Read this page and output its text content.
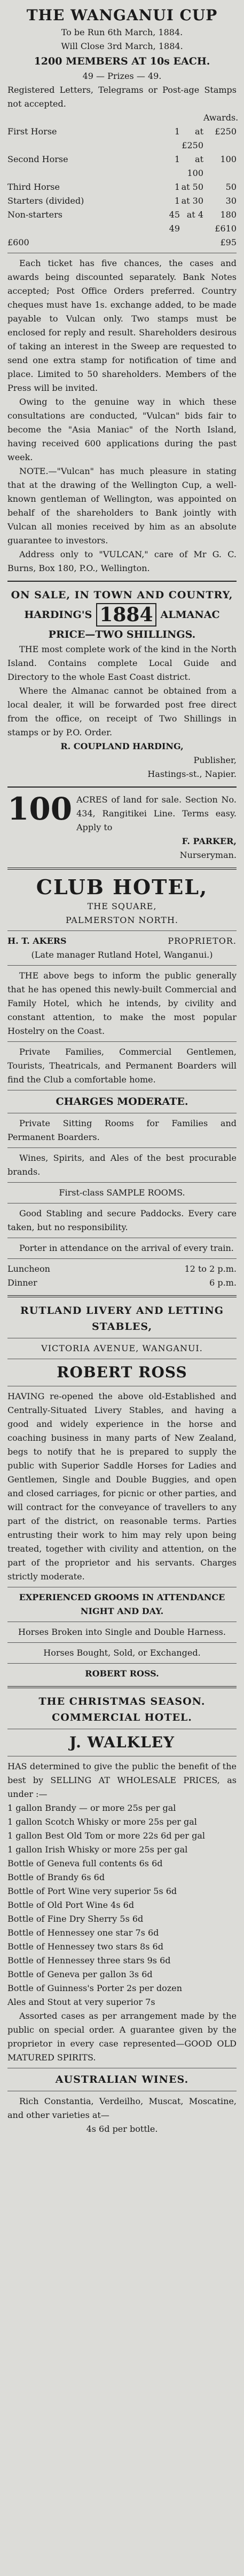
THE WANGANUI CUP
To be Run 6th March, 1884.
Will Close 3rd March, 1884.
1200 MEMBERS AT 10s EACH.
49 — Prizes — 49.
Registered Letters, Telegrams or Post-age Stamps not accepted.
Awards.
First Horse	1	at £250
£250
Second Horse	1	at 100
100
Third Horse	1 at 50	50
Starters (divided)	1 at 30	30
Non-starters	45 at 4	180
49	£610
£600	£95
Each ticket has five chances, the cases and awards being discounted separately. Bank Notes accepted; Post Office Orders preferred. Country cheques must have 1s. exchange added, to be made payable to Vulcan only. Two stamps must be enclosed for reply and result. Shareholders desirous of taking an interest in the Sweep are requested to send one extra stamp for notification of time and place. Limited to 50 shareholders. Members of the Press will be invited.
Owing to the genuine way in which these consultations are conducted, "Vulcan" bids fair to become the "Asia Maniac" of the North Island, having received 600 applications during the past week.
NOTE.—"Vulcan" has much pleasure in stating that at the drawing of the Wellington Cup, a well-known gentleman of Wellington, was appointed on behalf of the shareholders to Bank jointly with Vulcan all monies received by him as an absolute guarantee to investors.
Address only to "VULCAN," care of Mr G. C. Burns, Box 180, P.O., Wellington.
ON SALE, IN TOWN AND COUNTRY,
HARDING'S 1884 ALMANAC
PRICE—TWO SHILLINGS.
THE most complete work of the kind in the North Island. Contains complete Local Guide and Directory to the whole East Coast district.
Where the Almanac cannot be obtained from a local dealer, it will be forwarded post free direct from the office, on receipt of Two Shillings in stamps or by P.O. Order.
R. COUPLAND HARDING,
Publisher,
Hastings-st., Napier.
100 ACRES of land for sale. Section No. 434, Rangitikei Line. Terms easy. Apply to
F. PARKER,
Nurseryman.
CLUB HOTEL,
THE SQUARE,
PALMERSTON NORTH.
H. T. AKERS	PROPRIETOR.
(Late manager Rutland Hotel, Wanganui.)
THE above begs to inform the public generally that he has opened this newly-built Commercial and Family Hotel, which he intends, by civility and constant attention, to make the most popular Hostelry on the Coast.
Private Families, Commercial Gentlemen, Tourists, Theatricals, and Permanent Boarders will find the Club a comfortable home.
CHARGES MODERATE.
Private Sitting Rooms for Families and Permanent Boarders.
Wines, Spirits, and Ales of the best procurable brands.
First-class SAMPLE ROOMS.
Good Stabling and secure Paddocks. Every care taken, but no responsibility.
Porter in attendance on the arrival of every train.
Luncheon	12 to 2 p.m.
Dinner	6 p.m.
RUTLAND LIVERY AND LETTING STABLES,
VICTORIA AVENUE, WANGANUI.
ROBERT ROSS
HAVING re-opened the above old-Established and Centrally-Situated Livery Stables, and having a good and widely experience in the horse and coaching business in many parts of New Zealand, begs to notify that he is prepared to supply the public with Superior Saddle Horses for Ladies and Gentlemen, Single and Double Buggies, and open and closed carriages, for picnic or other parties, and will contract for the conveyance of travellers to any part of the district, on reasonable terms. Parties entrusting their work to him may rely upon being treated, together with civility and attention, on the part of the proprietor and his servants. Charges strictly moderate.
EXPERIENCED GROOMS IN ATTENDANCE NIGHT AND DAY.
Horses Broken into Single and Double Harness.
Horses Bought, Sold, or Exchanged.
ROBERT ROSS.
THE CHRISTMAS SEASON.
COMMERCIAL HOTEL.
J. WALKLEY
HAS determined to give the public the benefit of the best by SELLING AT WHOLESALE PRICES, as under :—
1 gallon Brandy — or more 25s per gal
1 gallon Scotch Whisky or more 25s per gal
1 gallon Best Old Tom or more 22s 6d per gal
1 gallon Irish Whisky or more 25s per gal
Bottle of Geneva full contents 6s 6d
Bottle of Brandy 6s 6d
Bottle of Port Wine very superior 5s 6d
Bottle of Old Port Wine 4s 6d
Bottle of Fine Dry Sherry 5s 6d
Bottle of Hennessey one star 7s 6d
Bottle of Hennessey two stars 8s 6d
Bottle of Hennessey three stars 9s 6d
Bottle of Geneva per gallon 3s 6d
Bottle of Guinness's Porter 2s per dozen
Ales and Stout at very superior 7s
Assorted cases as per arrangement made by the public on special order. A guarantee given by the proprietor in every case represented—GOOD OLD MATURED SPIRITS.
AUSTRALIAN WINES.
Rich Constantia, Verdeilho, Muscat, Moscatine, and other varieties at—
4s 6d per bottle.
